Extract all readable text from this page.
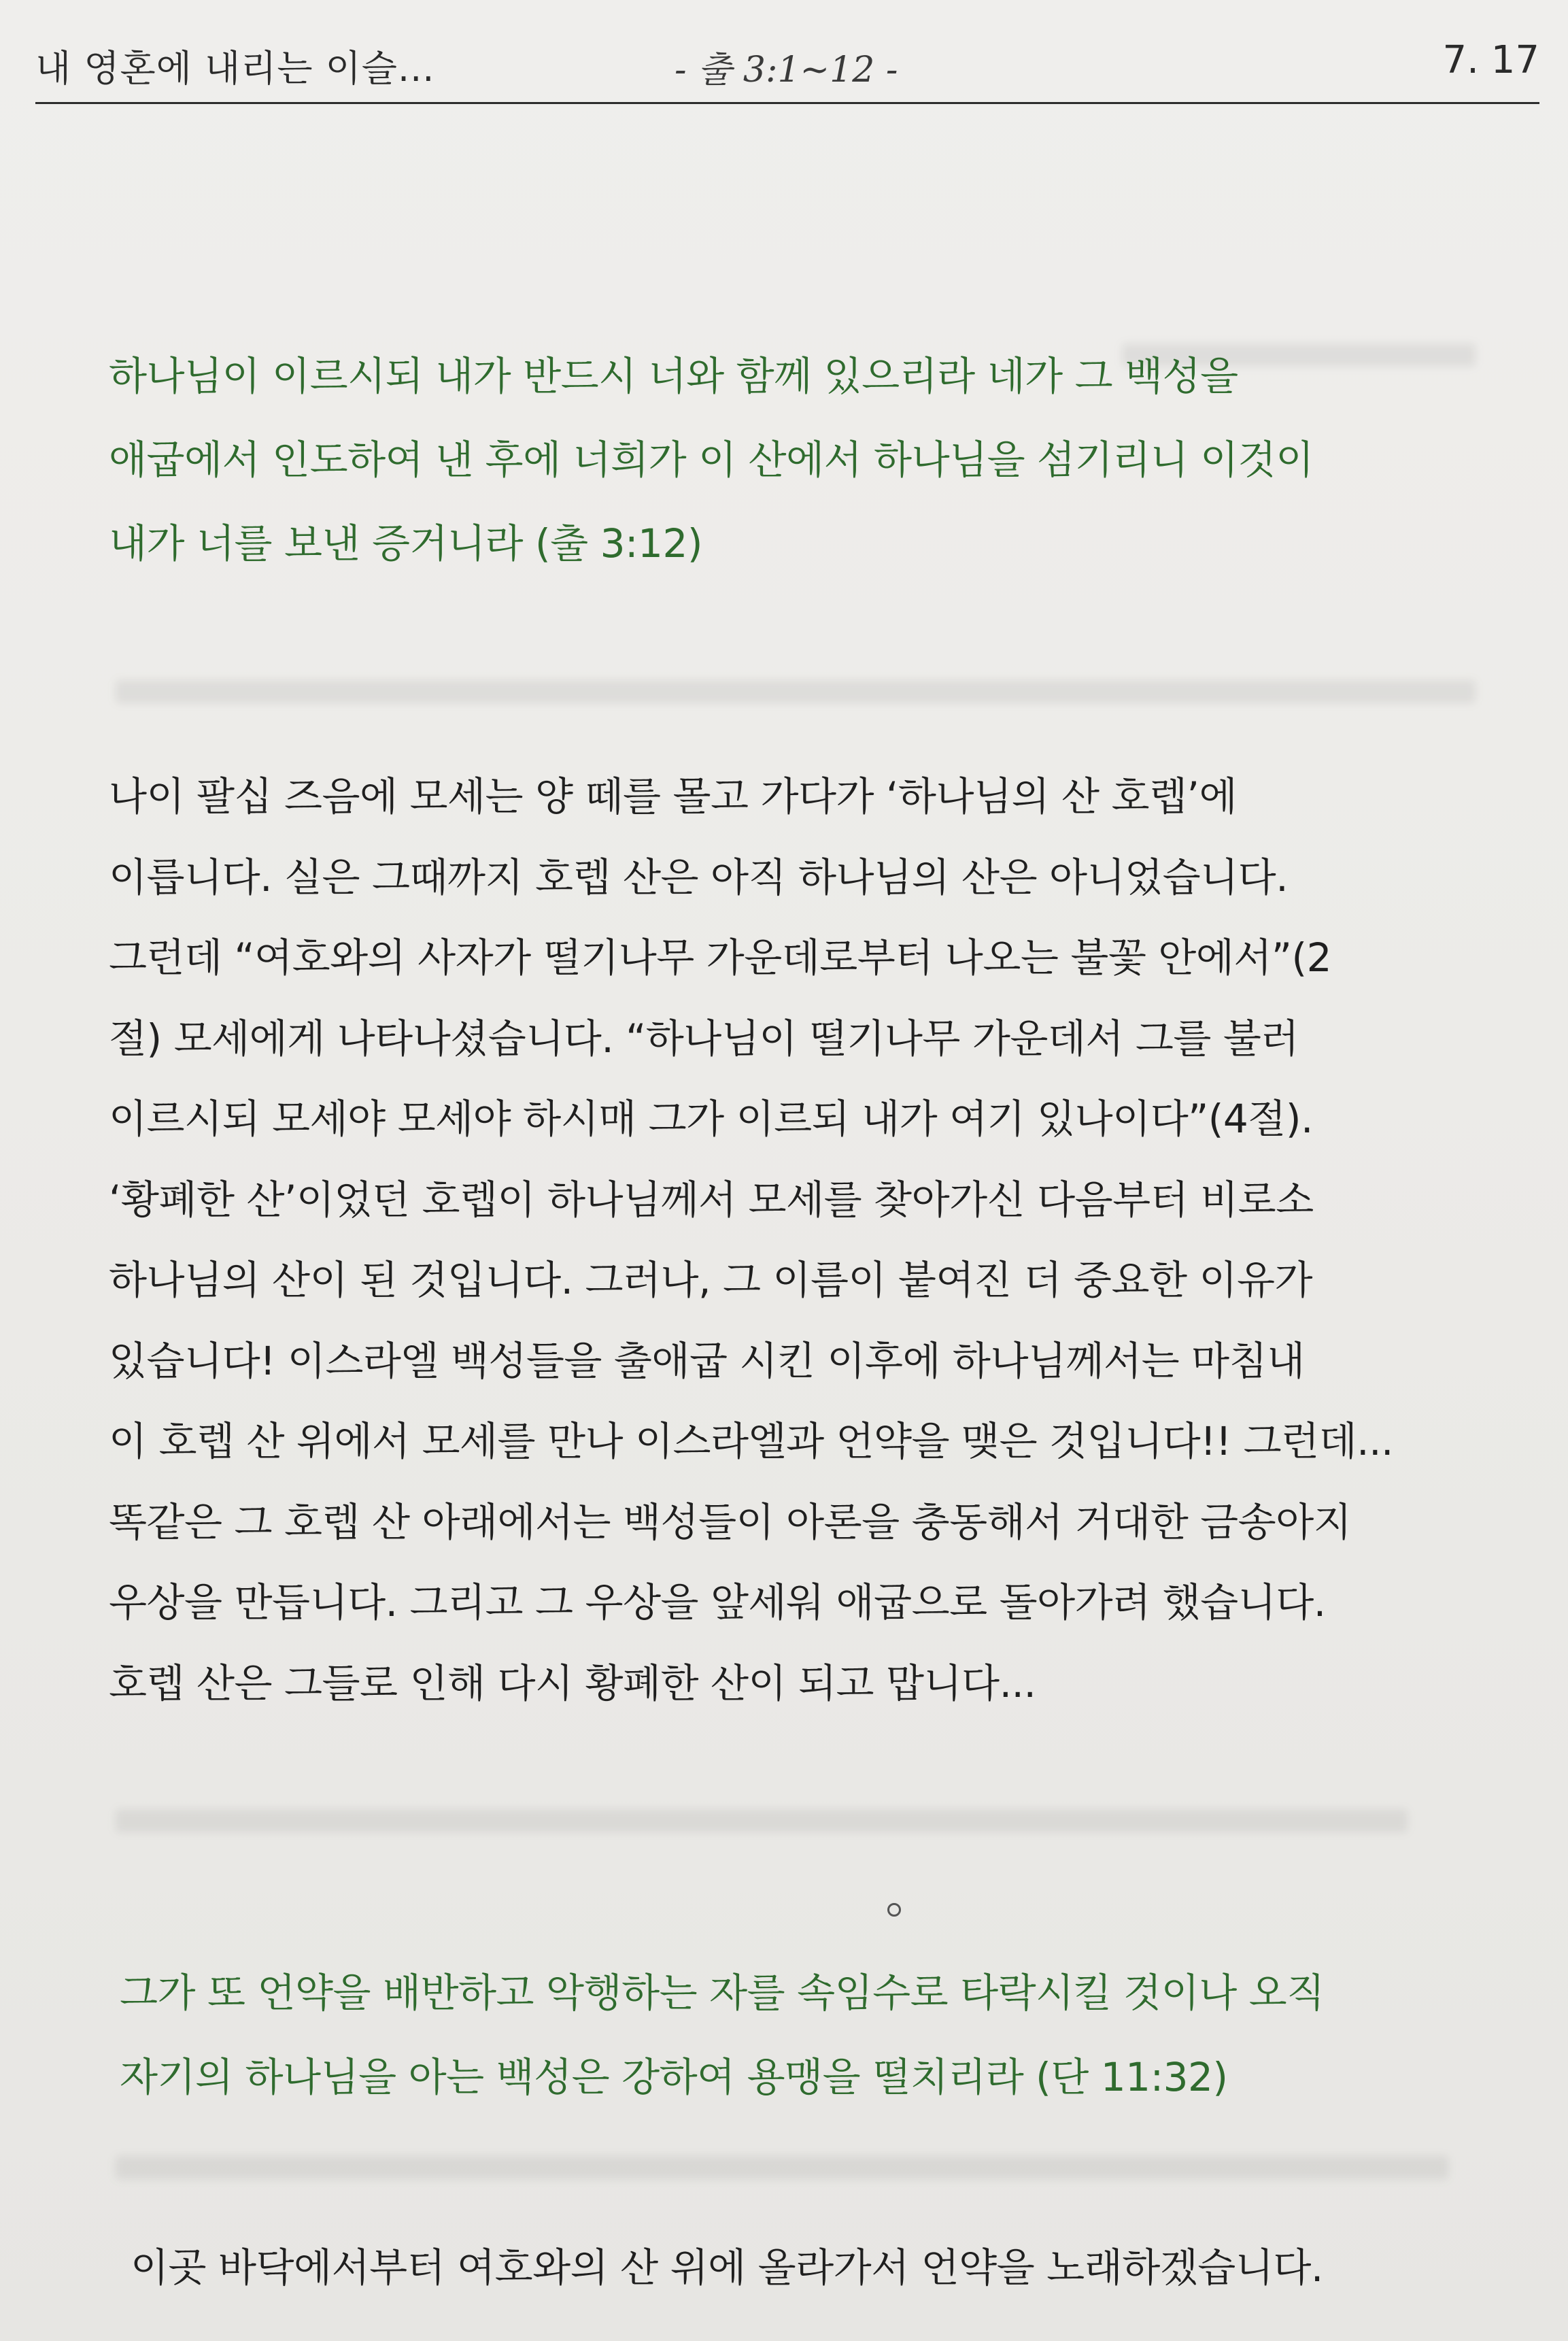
내 영혼에 내리는 이슬...	- 출 3:1~12 -	7. 17
하나님이 이르시되 내가 반드시 너와 함께 있으리라 네가 그 백성을
애굽에서 인도하여 낸 후에 너희가 이 산에서 하나님을 섬기리니 이것이
내가 너를 보낸 증거니라 (출 3:12)
나이 팔십 즈음에 모세는 양 떼를 몰고 가다가 ‘하나님의 산 호렙’에
이릅니다. 실은 그때까지 호렙 산은 아직 하나님의 산은 아니었습니다.
그런데 “여호와의 사자가 떨기나무 가운데로부터 나오는 불꽃 안에서”(2
절) 모세에게 나타나셨습니다. “하나님이 떨기나무 가운데서 그를 불러
이르시되 모세야 모세야 하시매 그가 이르되 내가 여기 있나이다”(4절).
‘황폐한 산’이었던 호렙이 하나님께서 모세를 찾아가신 다음부터 비로소
하나님의 산이 된 것입니다. 그러나, 그 이름이 붙여진 더 중요한 이유가
있습니다! 이스라엘 백성들을 출애굽 시킨 이후에 하나님께서는 마침내
이 호렙 산 위에서 모세를 만나 이스라엘과 언약을 맺은 것입니다!! 그런데...
똑같은 그 호렙 산 아래에서는 백성들이 아론을 충동해서 거대한 금송아지
우상을 만듭니다. 그리고 그 우상을 앞세워 애굽으로 돌아가려 했습니다.
호렙 산은 그들로 인해 다시 황폐한 산이 되고 맙니다...
그가 또 언약을 배반하고 악행하는 자를 속임수로 타락시킬 것이나 오직
자기의 하나님을 아는 백성은 강하여 용맹을 떨치리라 (단 11:32)
이곳 바닥에서부터 여호와의 산 위에 올라가서 언약을 노래하겠습니다.
